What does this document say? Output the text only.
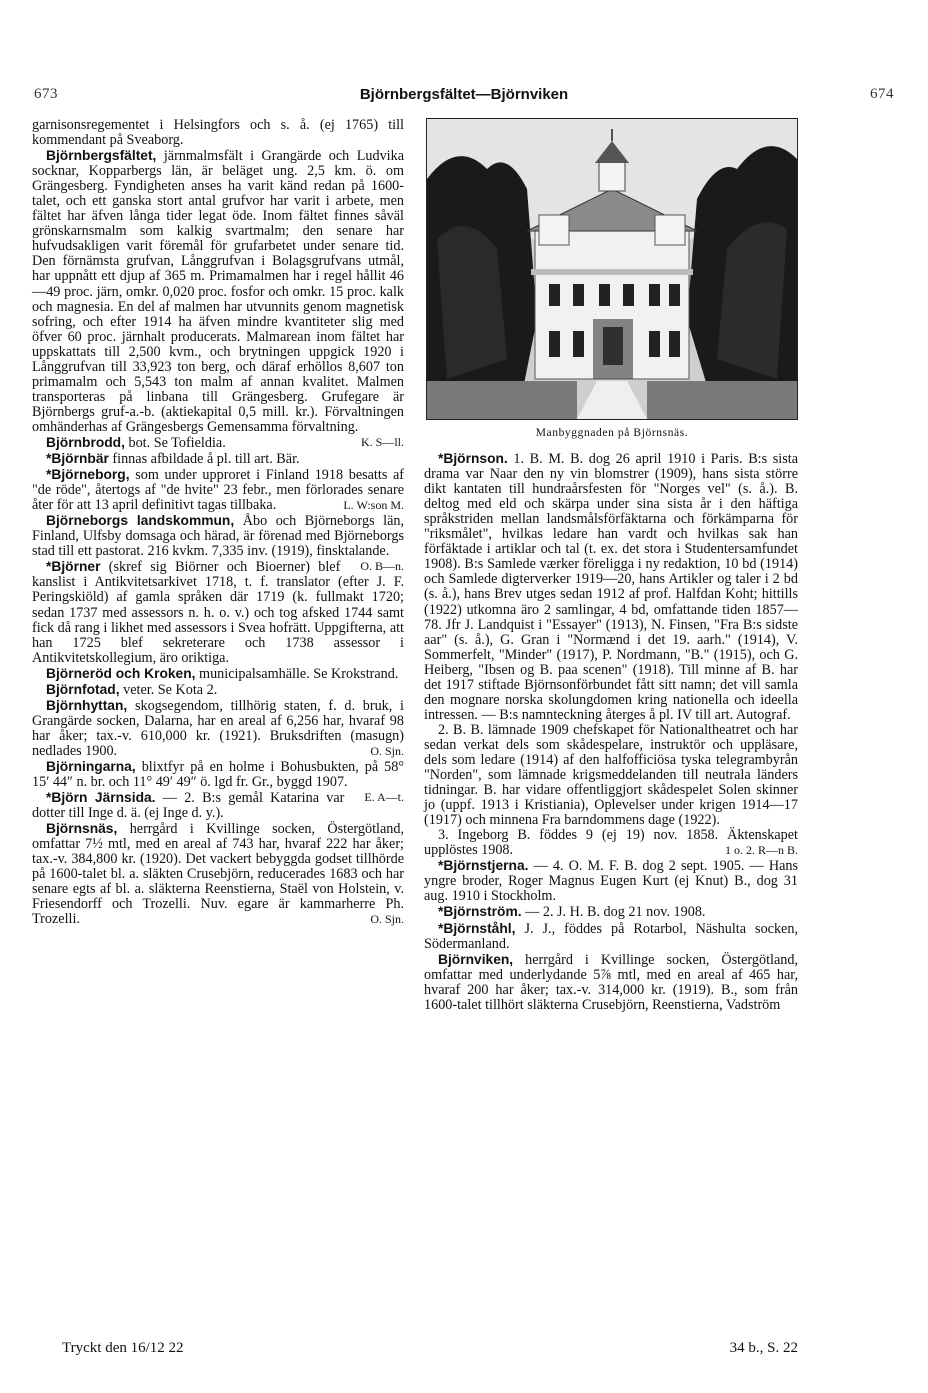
673	Björnbergsfältet—Björnviken	674

garnisonsregementet i Helsingfors och s. å. (ej 1765) till kommendant på Sveaborg.

Björnbergsfältet, järnmalmsfält i Grangärde och Ludvika socknar, Kopparbergs län, är beläget ung. 2,5 km. ö. om Grängesberg. Fyndigheten anses ha varit känd redan på 1600-talet, och ett ganska stort antal grufvor har varit i arbete, men fältet har äfven långa tider legat öde. Inom fältet finnes såväl grönskarnsmalm som kalkig svartmalm; den senare har hufvudsakligen varit föremål för grufarbetet under senare tid. Den förnämsta grufvan, Långgrufvan i Bolagsgrufvans utmål, har uppnått ett djup af 365 m. Primamalmen har i regel hållit 46—49 proc. järn, omkr. 0,020 proc. fosfor och omkr. 15 proc. kalk och magnesia. En del af malmen har utvunnits genom magnetisk sofring, och efter 1914 ha äfven mindre kvantiteter slig med öfver 60 proc. järnhalt producerats. Malmarean inom fältet har uppskattats till 2,500 kvm., och brytningen uppgick 1920 i Långgrufvan till 33,923 ton berg, och däraf erhöllos 8,607 ton primamalm och 5,543 ton malm af annan kvalitet. Malmen transporteras på linbana till Grängesberg. Grufegare är Björnbergs gruf-a.-b. (aktiekapital 0,5 mill. kr.). Förvaltningen omhänderhas af Grängesbergs Gemensamma förvaltning.
K. S—ll.

Björnbrodd, bot. Se Tofieldia.

*Björnbär finnas afbildade å pl. till art. Bär.

*Björneborg, som under upproret i Finland 1918 besatts af "de röde", återtogs af "de hvite" 23 febr., men förlorades senare åter för att 13 april definitivt tagas tillbaka.	L. W:son M.

Björneborgs landskommun, Åbo och Björneborgs län, Finland, Ulfsby domsaga och härad, är förenad med Björneborgs stad till ett pastorat. 216 kvkm. 7,335 inv. (1919), finsktalande.
O. B—n.

*Björner (skref sig Biörner och Bioerner) blef kanslist i Antikvitetsarkivet 1718, t. f. translator (efter J. F. Peringskiöld) af gamla språken där 1719 (k. fullmakt 1720; sedan 1737 med assessors n. h. o. v.) och tog afsked 1744 samt fick då rang i likhet med assessors i Svea hofrätt. Uppgifterna, att han 1725 blef sekreterare och 1738 assessor i Antikvitetskollegium, äro oriktiga.

Björneröd och Kroken, municipalsamhälle. Se Krokstrand.

Björnfotad, veter. Se Kota 2.

Björnhyttan, skogsegendom, tillhörig staten, f. d. bruk, i Grangärde socken, Dalarna, har en areal af 6,256 har, hvaraf 98 har åker; tax.-v. 610,000 kr. (1921). Bruksdriften (masugn) nedlades 1900.	O. Sjn.

Björningarna, blixtfyr på en holme i Bohusbukten, på 58° 15′ 44″ n. br. och 11° 49′ 49″ ö. lgd fr. Gr., byggd 1907.
E. A—t.

*Björn Järnsida. — 2. B:s gemål Katarina var dotter till Inge d. ä. (ej Inge d. y.).

Björnsnäs, herrgård i Kvillinge socken, Östergötland, omfattar 7½ mtl, med en areal af 743 har, hvaraf 222 har åker; tax.-v. 384,800 kr. (1920). Det vackert bebyggda godset tillhörde på 1600-talet bl. a. släkten Crusebjörn, reducerades 1683 och har senare egts af bl. a. släkterna Reenstierna, Staël von Holstein, v. Friesendorff och Trozelli. Nuv. egare är kammarherre Ph. Trozelli.	O. Sjn.

Manbyggnaden på Björnsnäs.

*Björnson. 1. B. M. B. dog 26 april 1910 i Paris. B:s sista drama var Naar den ny vin blomstrer (1909), hans sista större dikt kantaten till hundraårsfesten för "Norges vel" (s. å.). B. deltog med eld och skärpa under sina sista år i den häftiga språkstriden mellan landsmålsförfäktarna och förkämparna för "riksmålet", hvilkas ledare han vardt och hvilkas sak han förfäktade i artiklar och tal (t. ex. det stora i Studentersamfundet 1908). B:s Samlede værker föreligga i ny redaktion, 10 bd (1914) och Samlede digterverker 1919—20, hans Artikler og taler i 2 bd (s. å.), hans Brev utges sedan 1912 af prof. Halfdan Koht; hittills (1922) utkomna äro 2 samlingar, 4 bd, omfattande tiden 1857—78. Jfr J. Landquist i "Essayer" (1913), N. Finsen, "Fra B:s sidste aar" (s. å.), G. Gran i "Normænd i det 19. aarh." (1914), V. Sommerfelt, "Minder" (1917), P. Nordmann, "B." (1915), och G. Heiberg, "Ibsen og B. paa scenen" (1918). Till minne af B. har det 1917 stiftade Björnsonförbundet fått sitt namn; det vill samla den mognare norska skolungdomen kring nationella och ideella intressen. — B:s namnteckning återges å pl. IV till art. Autograf.

2. B. B. lämnade 1909 chefskapet för Nationaltheatret och har sedan verkat dels som skådespelare, instruktör och uppläsare, dels som ledare (1914) af den halfofficiösa tyska telegrambyrån "Norden", som lämnade krigsmeddelanden till neutrala länders tidningar. B. har vidare offentliggjort skådespelet Solen skinner jo (uppf. 1913 i Kristiania), Oplevelser under krigen 1914—17 (1917) och minnena Fra barndommens dage (1922).

3. Ingeborg B. föddes 9 (ej 19) nov. 1858. Äktenskapet upplöstes 1908.	1 o. 2. R—n B.

*Björnstjerna. — 4. O. M. F. B. dog 2 sept. 1905. — Hans yngre broder, Roger Magnus Eugen Kurt (ej Knut) B., dog 31 aug. 1910 i Stockholm.

*Björnström. — 2. J. H. B. dog 21 nov. 1908.

*Björnståhl, J. J., föddes på Rotarbol, Näshulta socken, Södermanland.

Björnviken, herrgård i Kvillinge socken, Östergötland, omfattar med underlydande 5⅞ mtl, med en areal af 465 har, hvaraf 200 har åker; tax.-v. 314,000 kr. (1919). B., som från 1600-talet tillhört släkterna Crusebjörn, Reenstierna, Vadström

Tryckt den 16/12 22	34 b., S. 22
